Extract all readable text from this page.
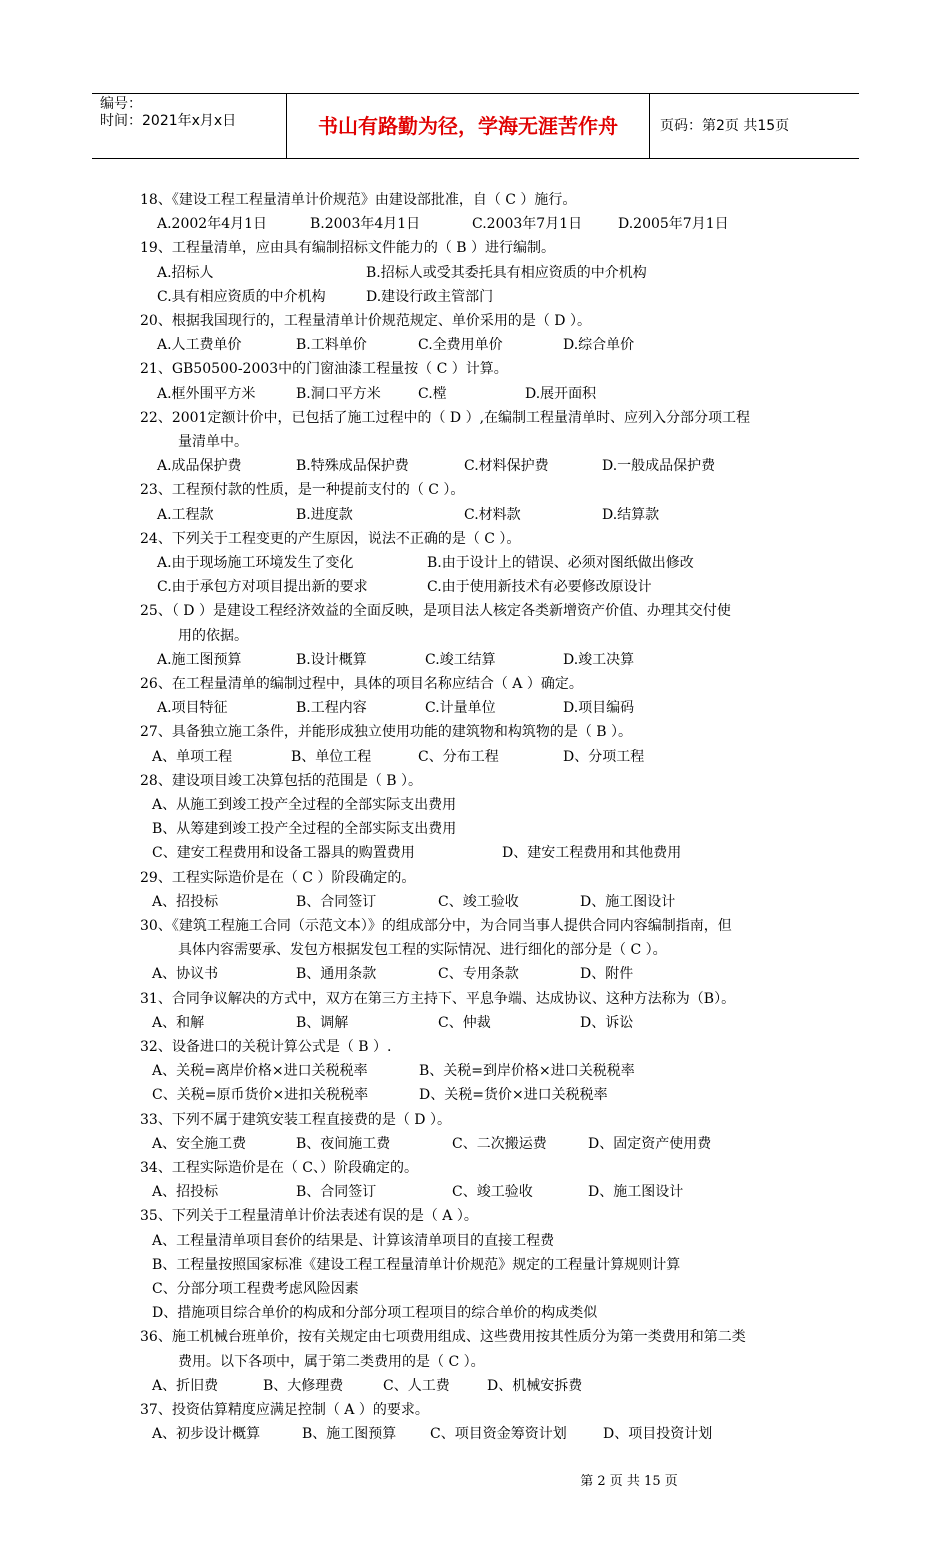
编号：
时间：2021年x月x日	书山有路勤为径，学海无涯苦作舟	页码：第2页 共15页
18、《建设工程工程量清单计价规范》由建设部批准，自（ C ）施行。
A.2002年4月1日	B.2003年4月1日	C.2003年7月1日	D.2005年7月1日
19、工程量清单，应由具有编制招标文件能力的（ B ）进行编制。
A.招标人	B.招标人或受其委托具有相应资质的中介机构
C.具有相应资质的中介机构	D.建设行政主管部门
20、根据我国现行的，工程量清单计价规范规定、单价采用的是（ D ）。
A.人工费单价	B.工料单价	C.全费用单价	D.综合单价
21、GB50500-2003中的门窗油漆工程量按（ C ）计算。
A.框外围平方米	B.洞口平方米	C.樘	D.展开面积
22、2001定额计价中，已包括了施工过程中的（ D ）,在编制工程量清单时、应列入分部分项工程
量清单中。
A.成品保护费	B.特殊成品保护费	C.材料保护费	D.一般成品保护费
23、工程预付款的性质，是一种提前支付的（ C ）。
A.工程款	B.进度款	C.材料款	D.结算款
24、下列关于工程变更的产生原因，说法不正确的是（ C ）。
A.由于现场施工环境发生了变化	B.由于设计上的错误、必须对图纸做出修改
C.由于承包方对项目提出新的要求	C.由于使用新技术有必要修改原设计
25、（ D ）是建设工程经济效益的全面反映，是项目法人核定各类新增资产价值、办理其交付使
用的依据。
A.施工图预算	B.设计概算	C.竣工结算	D.竣工决算
26、在工程量清单的编制过程中，具体的项目名称应结合（ A ）确定。
A.项目特征	B.工程内容	C.计量单位	D.项目编码
27、具备独立施工条件，并能形成独立使用功能的建筑物和构筑物的是（ B ）。
A、单项工程	B、单位工程	C、分布工程	D、分项工程
28、建设项目竣工决算包括的范围是（ B ）。
A、从施工到竣工投产全过程的全部实际支出费用
B、从筹建到竣工投产全过程的全部实际支出费用
C、建安工程费用和设备工器具的购置费用	D、建安工程费用和其他费用
29、工程实际造价是在（ C ）阶段确定的。
A、招投标	B、合同签订	C、竣工验收	D、施工图设计
30、《建筑工程施工合同（示范文本）》的组成部分中，为合同当事人提供合同内容编制指南，但
具体内容需要承、发包方根据发包工程的实际情况、进行细化的部分是（ C ）。
A、协议书	B、通用条款	C、专用条款	D、附件
31、合同争议解决的方式中，双方在第三方主持下、平息争端、达成协议、这种方法称为（B）。
A、和解	B、调解	C、仲裁	D、诉讼
32、设备进口的关税计算公式是（ B ）.
A、关税=离岸价格×进口关税税率	B、关税=到岸价格×进口关税税率
C、关税=原币货价×进扣关税税率	D、关税=货价×进口关税税率
33、下列不属于建筑安装工程直接费的是（ D ）。
A、安全施工费	B、夜间施工费	C、二次搬运费	D、固定资产使用费
34、工程实际造价是在（ C、）阶段确定的。
A、招投标	B、合同签订	C、竣工验收	D、施工图设计
35、下列关于工程量清单计价法表述有误的是（ A ）。
A、工程量清单项目套价的结果是、计算该清单项目的直接工程费
B、工程量按照国家标准《建设工程工程量清单计价规范》规定的工程量计算规则计算
C、分部分项工程费考虑风险因素
D、措施项目综合单价的构成和分部分项工程项目的综合单价的构成类似
36、施工机械台班单价，按有关规定由七项费用组成、这些费用按其性质分为第一类费用和第二类
费用。以下各项中，属于第二类费用的是（ C ）。
A、折旧费	B、大修理费	C、人工费	D、机械安拆费
37、投资估算精度应满足控制（ A ）的要求。
A、初步设计概算	B、施工图预算 C、项目资金筹资计划	D、项目投资计划
第 2 页 共 15 页
